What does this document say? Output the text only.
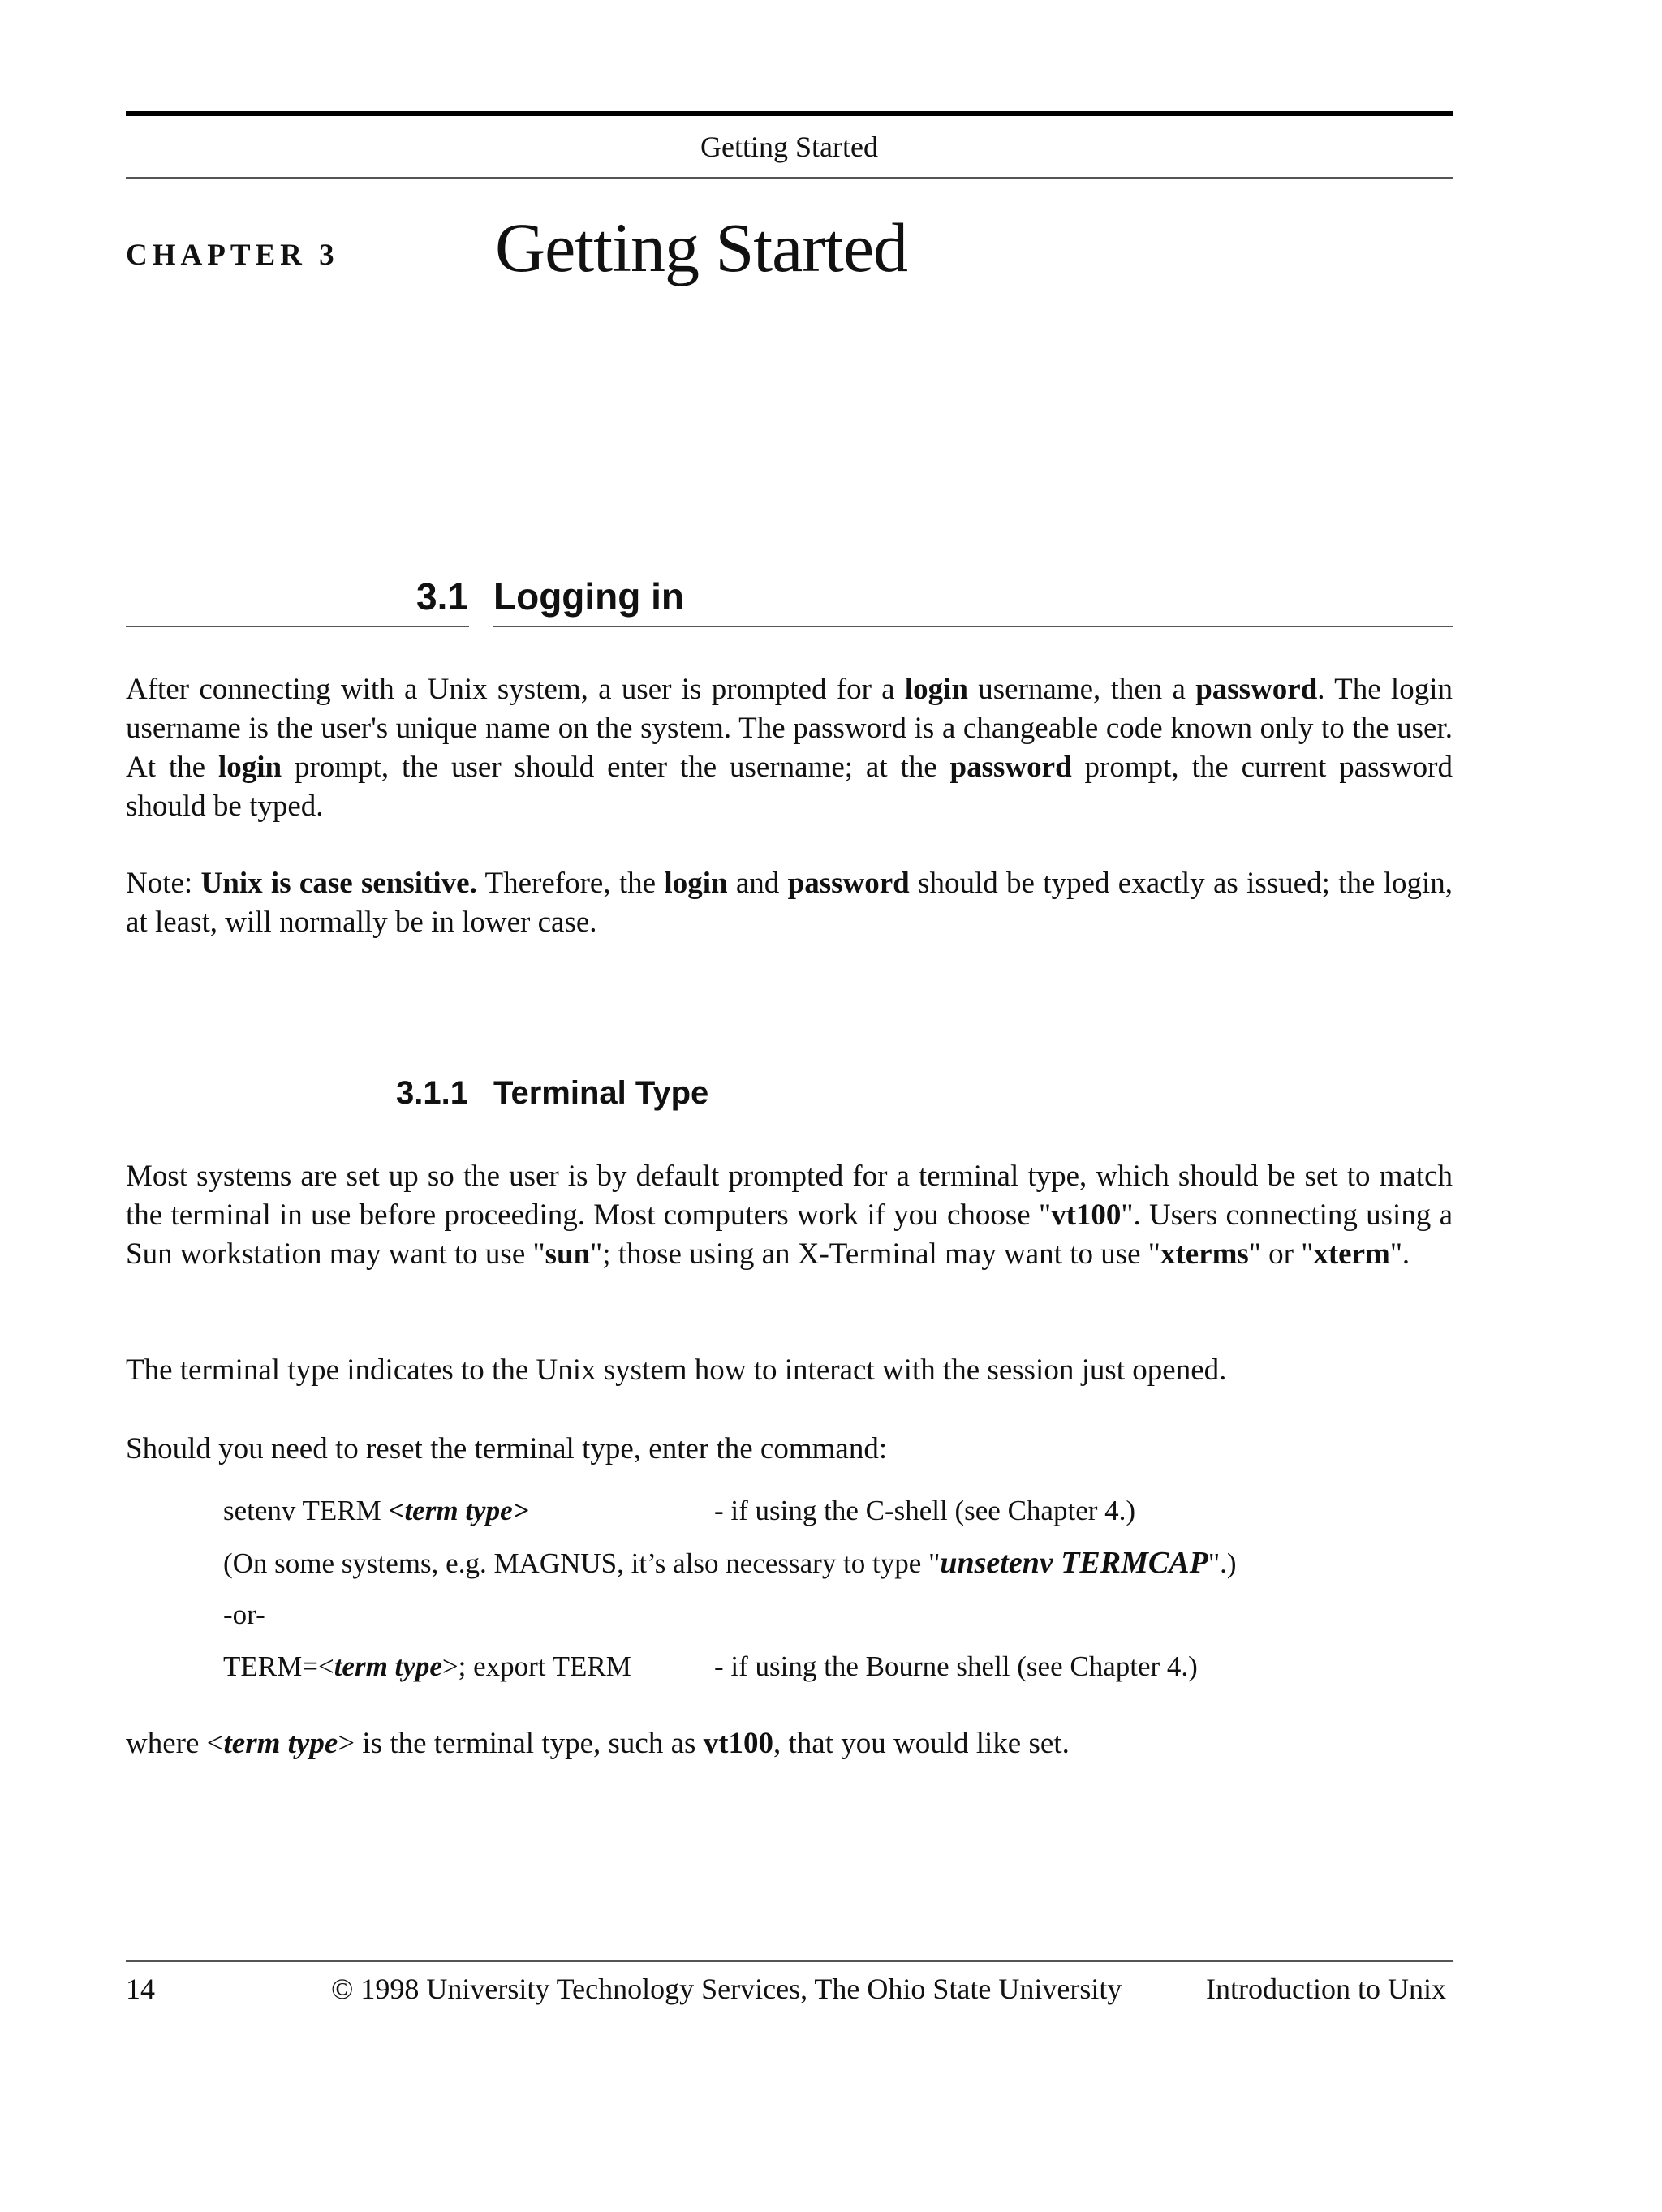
Getting Started
CHAPTER 3 Getting Started
3.1 Logging in

After connecting with a Unix system, a user is prompted for a login username, then a password. The login username is the user's unique name on the system. The password is a changeable code known only to the user. At the login prompt, the user should enter the username; at the password prompt, the current password should be typed.

Note: Unix is case sensitive. Therefore, the login and password should be typed exactly as issued; the login, at least, will normally be in lower case.

3.1.1 Terminal Type

Most systems are set up so the user is by default prompted for a terminal type, which should be set to match the terminal in use before proceeding. Most computers work if you choose "vt100". Users connecting using a Sun workstation may want to use "sun"; those using an X-Terminal may want to use "xterms" or "xterm".

The terminal type indicates to the Unix system how to interact with the session just opened.

Should you need to reset the terminal type, enter the command:

setenv TERM <term type>	- if using the C-shell (see Chapter 4.)
(On some systems, e.g. MAGNUS, it’s also necessary to type "unsetenv TERMCAP".)
-or-
TERM=<term type>; export TERM	- if using the Bourne shell (see Chapter 4.)

where <term type> is the terminal type, such as vt100, that you would like set.

14	© 1998 University Technology Services, The Ohio State University	Introduction to Unix
